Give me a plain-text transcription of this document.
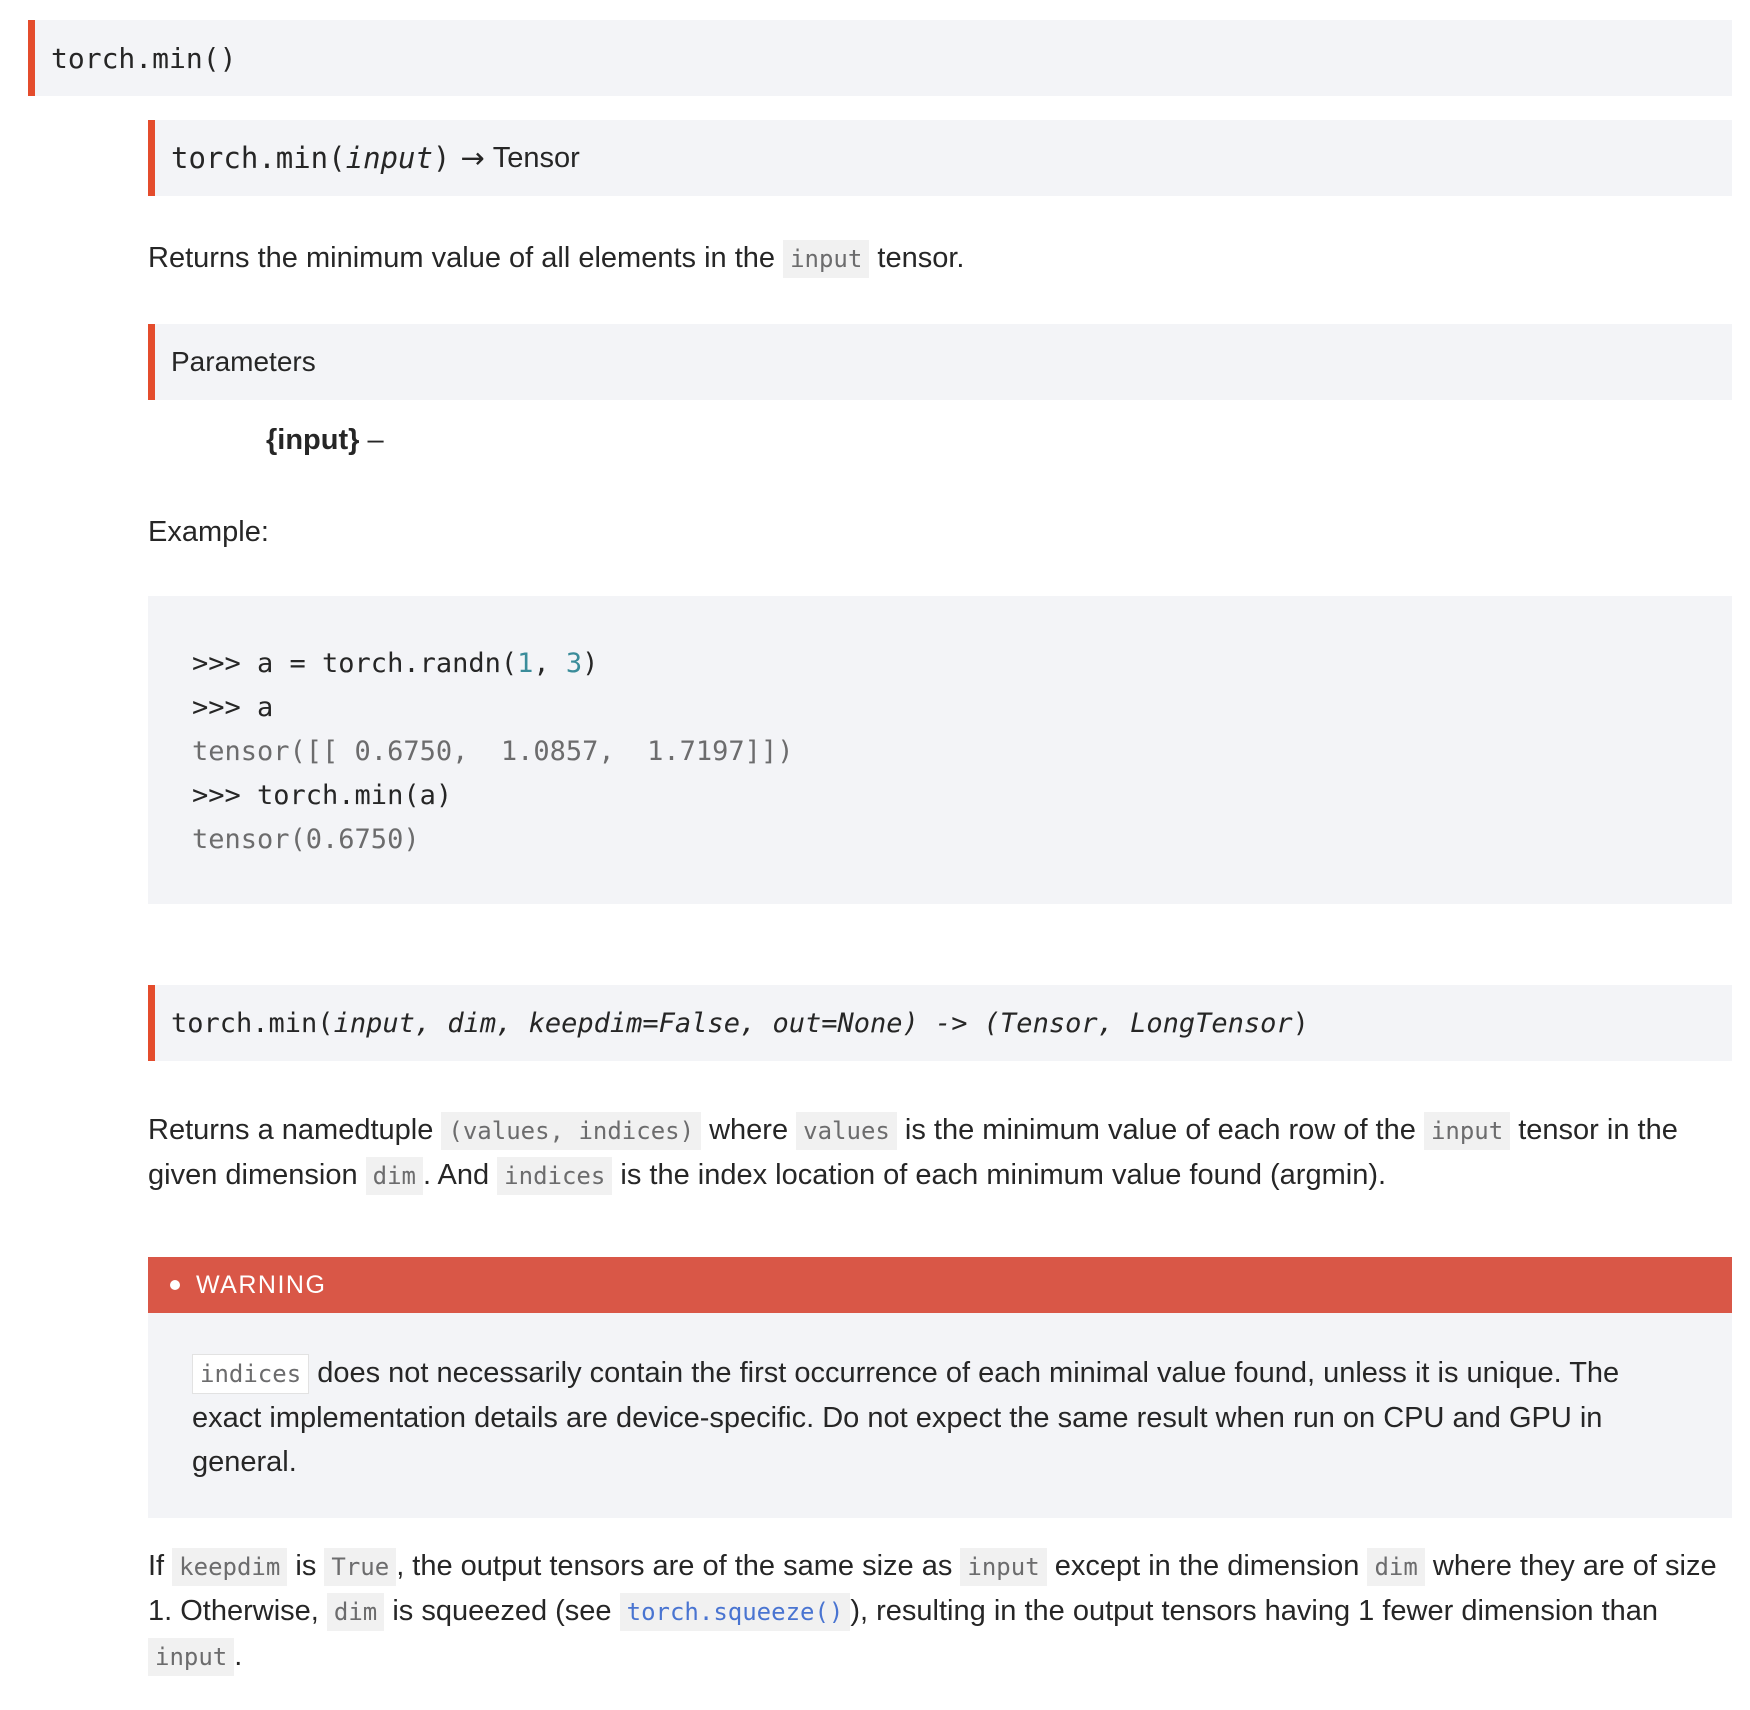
torch.min()
torch.min( input ) → Tensor
Returns the minimum value of all elements in the input tensor.
Parameters
{input} –
Example:
>>> a = torch.randn(1, 3)
>>> a
tensor([[ 0.6750,  1.0857,  1.7197]])
>>> torch.min(a)
tensor(0.6750)
torch.min( input, dim, keepdim=False, out=None) -> (Tensor, LongTensor )
Returns a namedtuple (values, indices) where values is the minimum value of each row of the input tensor in the given dimension dim . And indices is the index location of each minimum value found (argmin).
WARNING
indices does not necessarily contain the first occurrence of each minimal value found, unless it is unique. The exact implementation details are device-specific. Do not expect the same result when run on CPU and GPU in general.
If keepdim is True , the output tensors are of the same size as input except in the dimension dim where they are of size 1. Otherwise, dim is squeezed (see torch.squeeze() ), resulting in the output tensors having 1 fewer dimension than input .
